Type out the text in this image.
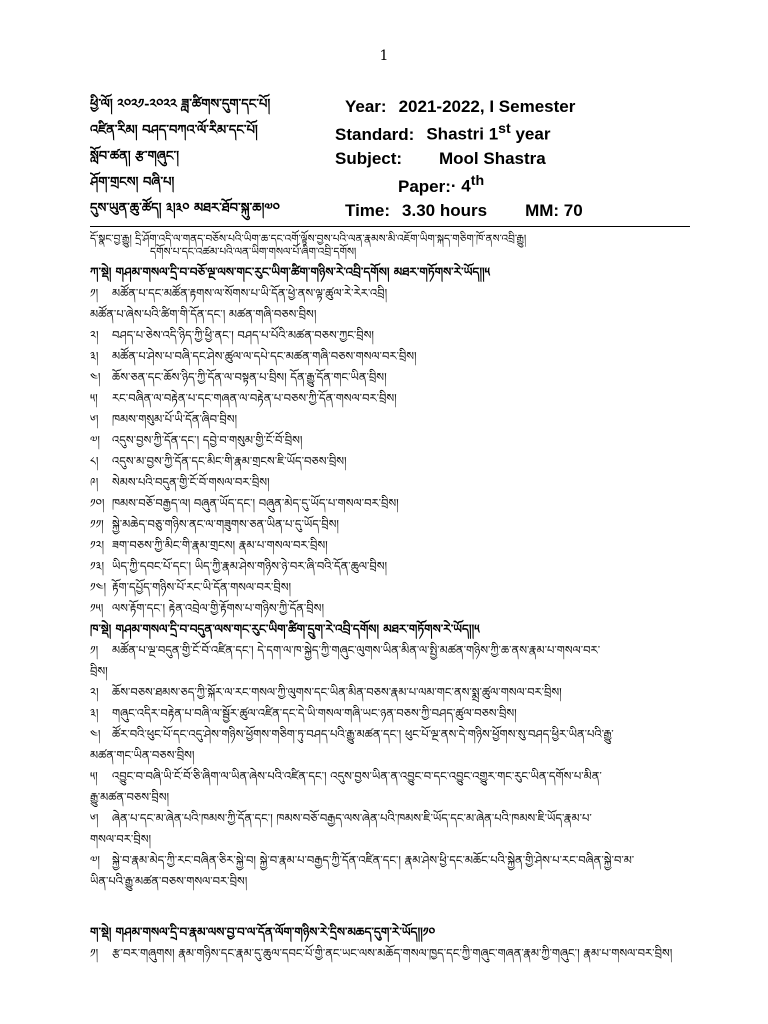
1
ཕྱི་ལོ། ༢༠༢༡-༢༠༢༢ ཟླ་ཚིགས་དུག་དང་པོ།	Year: 2021-2022, I Semester
འཛིན་རིམ། བཤད་བཀའ་ལོ་རིམ་དང་པོ།	Standard: Shastri 1st year
སློབ་ཚན། རྩ་གཞུང་།	Subject: Mool Shastra
ཤོག་གྲངས། བཞི་པ།	Paper:· 4th
དུས་ཡུན་ཆུ་ཚོད། ༣།༣༠ མཐར་ཐོབ་སྐུ་ཆ།༧༠	Time: 3.30 hours MM: 70
དོ་སྣང་བྱ་རྒྱུ། དྲི་ཤོག་འདི་ལ་གནད་བཅོས་པའི་ཡིག་ཆ་དང་འགོ་ལྟོས་བྱས་པའི་ལན་རྣམས་མི་འཇོག་ཡིག་སྐད་གཅིག་ཁོ་ནས་འབྲི་རྒྱུ།
དགོས་པ་དང་འཚམ་པའི་ལན་ཡིག་གསལ་པོ་ཞིག་འབྲི་དགོས།
ཀ་སྡེ། གཤམ་གསལ་དྲི་བ་བཅོ་ལྔ་ལས་གང་རུང་ཡིག་ཚིག་གཉིས་རེ་འབྲི་དགོས། མཐར་གཏོགས་རེ་ཡོད།།༥
༡། མཚོན་པ་དང་མཚོན་རྟགས་ལ་སོགས་པ་ཡི་དོན་ཕྱེ་ནས་ལྟ་ཚུལ་རེ་རེར་འབྲི།
མཚོན་པ་ཞེས་པའི་ཚིག་གི་དོན་དང་། མཚན་གཞི་བཅས་བྲིས།
༢། བཤད་པ་ཅེས་འདི་ཉིད་ཀྱི་ཕྱི་ནང་། བཤད་པ་པོའི་མཚན་བཅས་ཀྱང་བྲིས།
༣། མཚོན་པ་ཤེས་པ་བཞི་དང་ཤེས་ཚུལ་ལ་དཔེ་དང་མཚན་གཞི་བཅས་གསལ་བར་བྲིས།
༤། ཆོས་ཅན་དང་ཆོས་ཉིད་ཀྱི་དོན་ལ་བསྟན་པ་བྲིས། དོན་རྒྱུ་དོན་གང་ཡིན་བྲིས།
༥། རང་བཞིན་ལ་བརྟེན་པ་དང་གཞན་ལ་བརྟེན་པ་བཅས་ཀྱི་དོན་གསལ་བར་བྲིས།
༦། ཁམས་གསུམ་པོ་ཡི་དོན་ཞིབ་བྲིས།
༧། འདུས་བྱས་ཀྱི་དོན་དང་། དབྱེ་བ་གསུམ་གྱི་ངོ་བོ་བྲིས།
༨། འདུས་མ་བྱས་ཀྱི་དོན་དང་མིང་གི་རྣམ་གྲངས་ཇི་ཡོད་བཅས་བྲིས།
༩། སེམས་པའི་བདུན་གྱི་ངོ་བོ་གསལ་བར་བྲིས།
༡༠། ཁམས་བཅོ་བརྒྱད་ལ། བཞུན་ཡོད་དང་། བཞུན་མེད་དུ་ཡོད་པ་གསལ་བར་བྲིས།
༡༡། སྐྱེ་མཆེད་བཅུ་གཉིས་ནང་ལ་གཟུགས་ཅན་ཡིན་པ་དུ་ཡོད་བྲིས།
༡༢། ཟག་བཅས་ཀྱི་མིང་གི་རྣམ་གྲངས། རྣམ་པ་གསལ་བར་བྲིས།
༡༣། ཡིད་ཀྱི་དབང་པོ་དང་། ཡིད་ཀྱི་རྣམ་ཤེས་གཉིས་ཉེ་བར་ཞི་བའི་དོན་ཆུལ་བྲིས།
༡༤། རྟོག་དཔྱོད་གཉིས་པོ་རང་ཡི་དོན་གསལ་བར་བྲིས།
༡༥། ལས་རྟོག་དང་། རྟེན་འབྲེལ་གྱི་རྟོགས་པ་གཉིས་ཀྱི་དོན་བྲིས།
ཁ་སྡེ། གཤམ་གསལ་དྲི་བ་བདུན་ལས་གང་རུང་ཡིག་ཚིག་དྲུག་རེ་འབྲི་དགོས། མཐར་གཏོགས་རེ་ཡོད།།༥
༡། མཚོན་པ་ལྔ་བདུན་གྱི་ངོ་བོ་འཛིན་དང་། དེ་དག་ལ་ཁ་སྐྱེད་ཀྱི་གཞུང་ལུགས་ཡིན་མིན་ལ་སྤྱི་མཚན་གཉིས་ཀྱི་ཆ་ནས་རྣམ་པ་གསལ་བར་
བྲིས།
༢། ཆོས་བཅས་ཐམས་ཅད་ཀྱི་སྐོར་ལ་རང་གསལ་ཀྱི་ལུགས་དང་ཡིན་མིན་བཅས་རྣམ་པ་ལམ་གང་ནས་སྨྲ་ཚུལ་གསལ་བར་བྲིས།
༣། གཞུང་འདིར་བརྟེན་པ་བཞི་ལ་སྦྱོར་ཚུལ་འཛིན་དང་དེ་ཡི་གསལ་གཞི་ཡང་ཉན་བཅས་ཀྱི་བཤད་ཚུལ་བཅས་བྲིས།
༤། ཚོར་བའི་ཕུང་པོ་དང་འདུ་ཤེས་གཉིས་ཕྱོགས་གཅིག་ཏུ་བཤད་པའི་རྒྱུ་མཚན་དང་། ཕུང་པོ་ལྔ་ནས་དེ་གཉིས་ཕྱོགས་སུ་བཤད་ཕྱིར་ཡིན་པའི་རྒྱུ་
མཚན་གང་ཡིན་བཅས་བྲིས།
༥། འབྱུང་བ་བཞི་ཡི་ངོ་བོ་ཅི་ཞིག་ལ་ཡིན་ཞེས་པའི་འཛིན་དང་། འདུས་བྱས་ཡིན་ན་འབྱུང་བ་དང་འབྱུང་འགྱུར་གང་རུང་ཡིན་དགོས་པ་མིན་
རྒྱུ་མཚན་བཅས་བྲིས།
༦། ཞེན་པ་དང་མ་ཞེན་པའི་ཁམས་ཀྱི་དོན་དང་། ཁམས་བཅོ་བརྒྱད་ལས་ཞེན་པའི་ཁམས་ཇི་ཡོད་དང་མ་ཞེན་པའི་ཁམས་ཇི་ཡོད་རྣམ་པ་
གསལ་བར་བྲིས།
༧། སྐྱེ་བ་རྣམ་མེད་ཀྱི་རང་བཞིན་ཅིར་སྐྱེ་བ། སྐྱེ་བ་རྣམ་པ་བརྒྱད་ཀྱི་དོན་འཛིན་དང་། རྣམ་ཤེས་ཕྱི་དང་མཆོང་པའི་སྐྱེན་གྱི་ཤེས་པ་རང་བཞིན་སྐྱེ་བ་མ་
ཡིན་པའི་རྒྱུ་མཚན་བཅས་གསལ་བར་བྲིས།
ག་སྡེ། གཤམ་གསལ་དྲི་བ་རྣམ་ལས་བྱ་བ་ལ་དོན་ལོག་གཉིས་རེ་དྲིས་མཆད་དུག་རེ་ཡོད།།༡༠
༡། རྩ་བར་གཞུགས། རྣམ་གཉིས་དང་རྣམ་དུ་ཆུལ་དབང་པོ་གྱི་ནང་ཡང་ལས་མཆོད་གསལ་ཁྱད་དང་ཀྱི་གཞུང་གཞན་རྣམ་ཀྱི་གཞུང་། རྣམ་པ་གསལ་བར་བྲིས།
